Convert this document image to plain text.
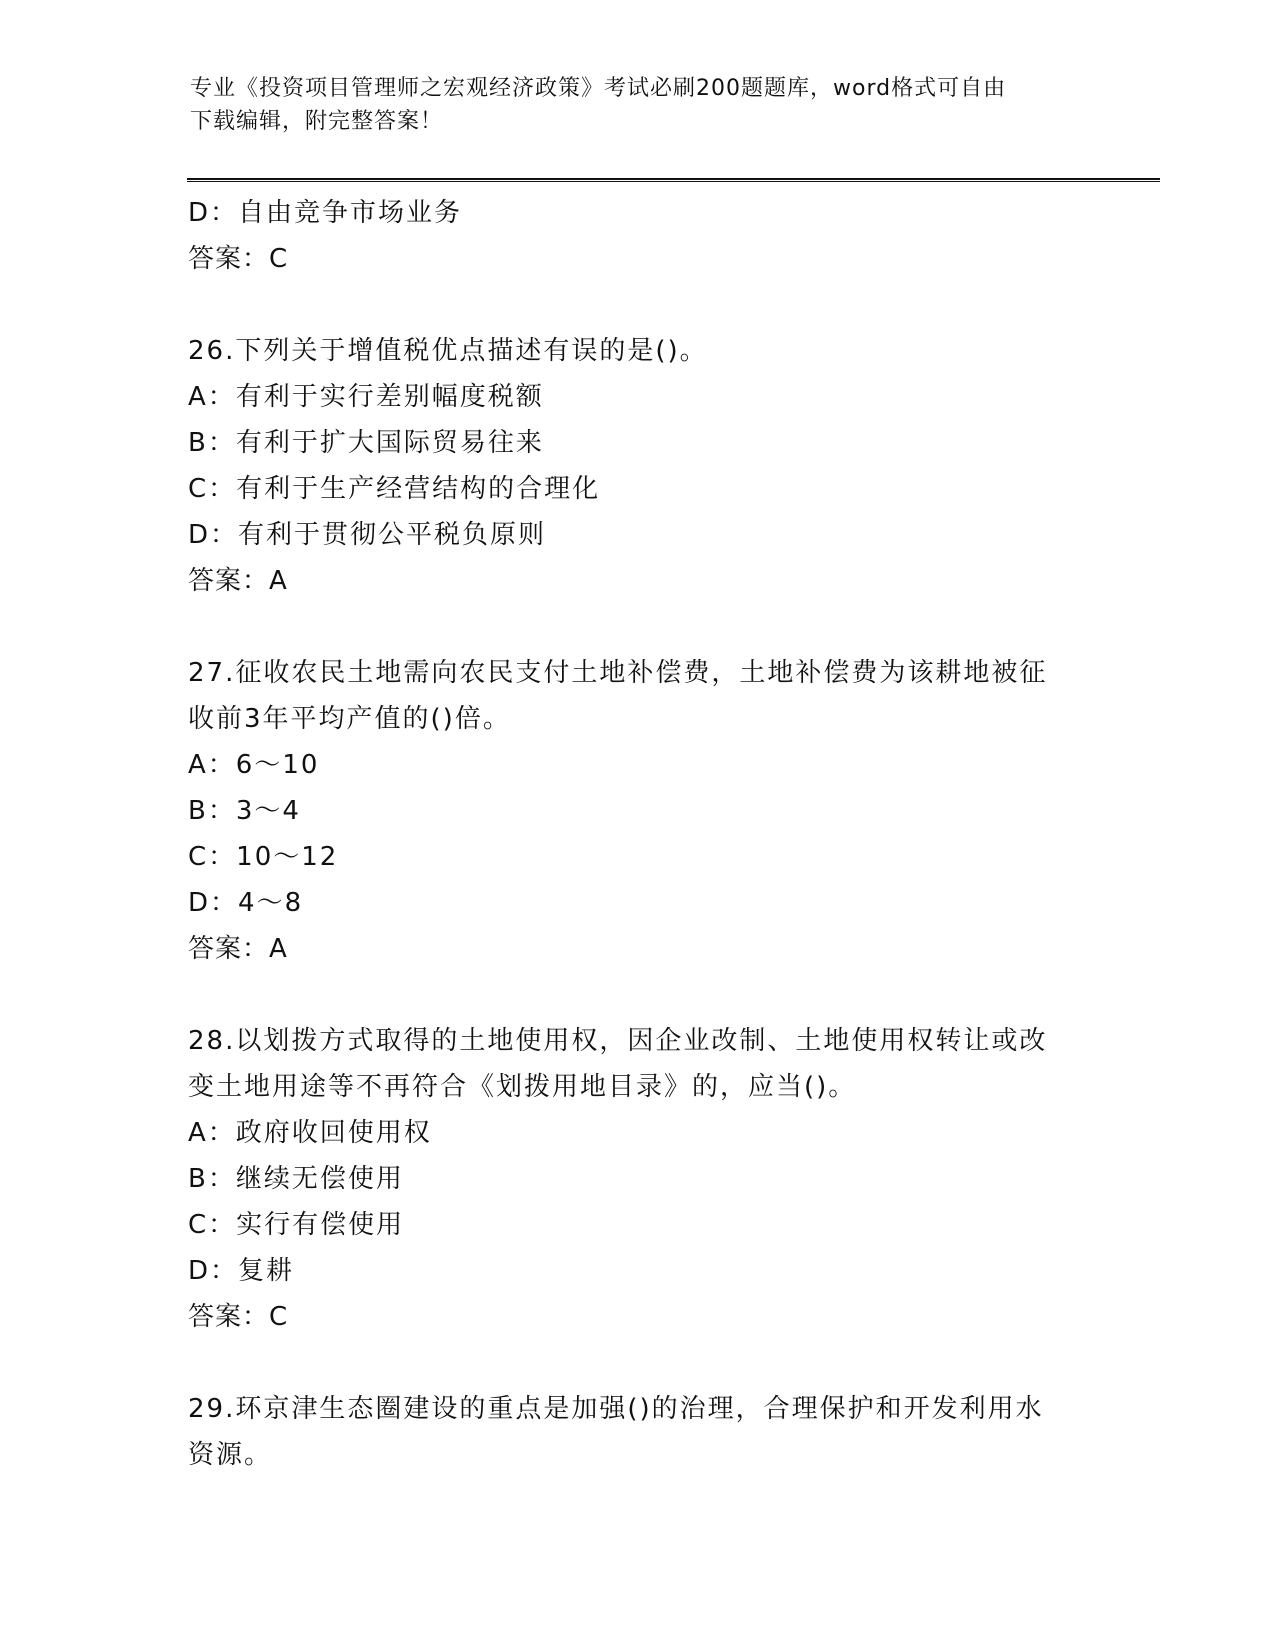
专业《投资项目管理师之宏观经济政策》考试必刷200题题库，word格式可自由
下载编辑，附完整答案！
D：自由竞争市场业务
答案：C
26.下列关于增值税优点描述有误的是()。
A：有利于实行差别幅度税额
B：有利于扩大国际贸易往来
C：有利于生产经营结构的合理化
D：有利于贯彻公平税负原则
答案：A
27.征收农民土地需向农民支付土地补偿费，土地补偿费为该耕地被征
收前3年平均产值的()倍。
A：6～10
B：3～4
C：10～12
D：4～8
答案：A
28.以划拨方式取得的土地使用权，因企业改制、土地使用权转让或改
变土地用途等不再符合《划拨用地目录》的，应当()。
A：政府收回使用权
B：继续无偿使用
C：实行有偿使用
D：复耕
答案：C
29.环京津生态圈建设的重点是加强()的治理，合理保护和开发利用水
资源。
